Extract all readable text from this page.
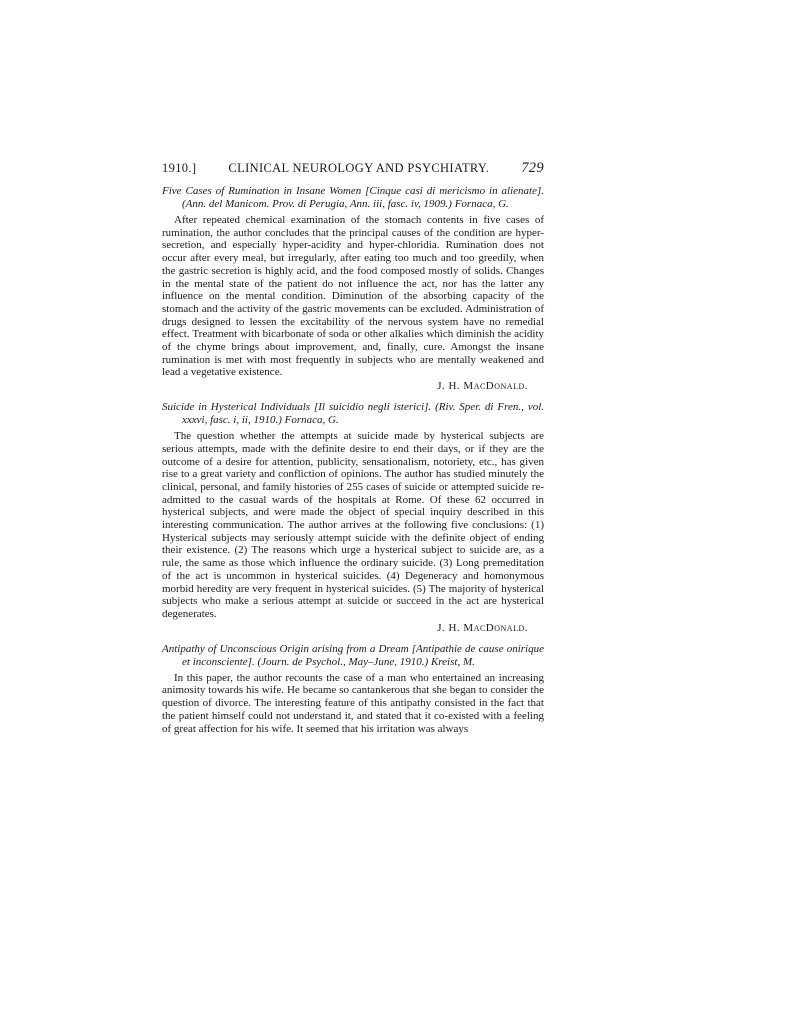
1910.]	CLINICAL NEUROLOGY AND PSYCHIATRY. 729

Five Cases of Rumination in Insane Women [Cinque casi di mericismo in alienate]. (Ann. del Manicom. Prov. di Perugia, Ann. iii, fasc. iv, 1909.) Fornaca, G.

After repeated chemical examination of the stomach contents in five cases of rumination, the author concludes that the principal causes of the condition are hyper-secretion, and especially hyper-acidity and hyper-chloridia. Rumination does not occur after every meal, but irregularly, after eating too much and too greedily, when the gastric secretion is highly acid, and the food composed mostly of solids. Changes in the mental state of the patient do not influence the act, nor has the latter any influence on the mental condition. Diminution of the absorbing capacity of the stomach and the activity of the gastric movements can be excluded. Administration of drugs designed to lessen the excitability of the nervous system have no remedial effect. Treatment with bicarbonate of soda or other alkalies which diminish the acidity of the chyme brings about improvement, and, finally, cure. Amongst the insane rumination is met with most frequently in subjects who are mentally weakened and lead a vegetative existence.

J. H. MacDonald.

Suicide in Hysterical Individuals [Il suicidio negli isterici]. (Riv. Sper. di Fren., vol. xxxvi, fasc. i, ii, 1910.) Fornaca, G.

The question whether the attempts at suicide made by hysterical subjects are serious attempts, made with the definite desire to end their days, or if they are the outcome of a desire for attention, publicity, sensationalism, notoriety, etc., has given rise to a great variety and confliction of opinions. The author has studied minutely the clinical, personal, and family histories of 255 cases of suicide or attempted suicide re-admitted to the casual wards of the hospitals at Rome. Of these 62 occurred in hysterical subjects, and were made the object of special inquiry described in this interesting communication. The author arrives at the following five conclusions: (1) Hysterical subjects may seriously attempt suicide with the definite object of ending their existence. (2) The reasons which urge a hysterical subject to suicide are, as a rule, the same as those which influence the ordinary suicide. (3) Long premeditation of the act is uncommon in hysterical suicides. (4) Degeneracy and homonymous morbid heredity are very frequent in hysterical suicides. (5) The majority of hysterical subjects who make a serious attempt at suicide or succeed in the act are hysterical degenerates.

J. H. MacDonald.

Antipathy of Unconscious Origin arising from a Dream [Antipathie de cause onirique et inconsciente]. (Journ. de Psychol., May–June, 1910.) Kreist, M.

In this paper, the author recounts the case of a man who entertained an increasing animosity towards his wife. He became so cantankerous that she began to consider the question of divorce. The interesting feature of this antipathy consisted in the fact that the patient himself could not understand it, and stated that it co-existed with a feeling of great affection for his wife. It seemed that his irritation was always
